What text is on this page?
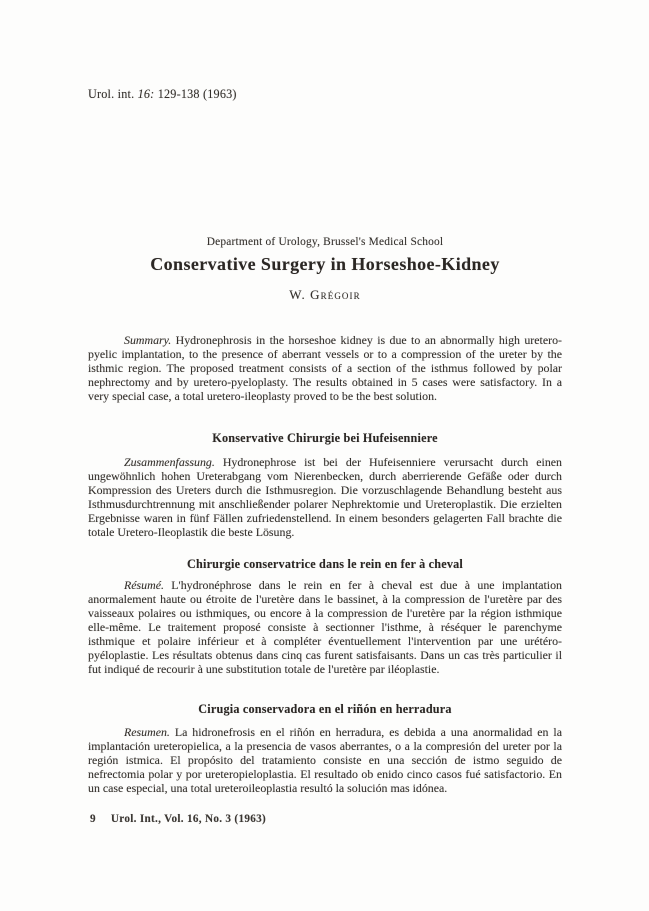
Urol. int. 16: 129-138 (1963)
Department of Urology, Brussel's Medical School
Conservative Surgery in Horseshoe-Kidney
W. Grégoir

Summary. Hydronephrosis in the horseshoe kidney is due to an abnormally high uretero-pyelic implantation, to the presence of aberrant vessels or to a compression of the ureter by the isthmic region. The proposed treatment consists of a section of the isthmus followed by polar nephrectomy and by uretero-pyeloplasty. The results obtained in 5 cases were satisfactory. In a very special case, a total uretero-ileoplasty proved to be the best solution.

Konservative Chirurgie bei Hufeisenniere

Zusammenfassung. Hydronephrose ist bei der Hufeisenniere verursacht durch einen ungewöhnlich hohen Ureterabgang vom Nierenbecken, durch aberrierende Gefäße oder durch Kompression des Ureters durch die Isthmusregion. Die vorzuschlagende Behandlung besteht aus Isthmusdurchtrennung mit anschließender polarer Nephrektomie und Ureteroplastik. Die erzielten Ergebnisse waren in fünf Fällen zufriedenstellend. In einem besonders gelagerten Fall brachte die totale Uretero-Ileoplastik die beste Lösung.

Chirurgie conservatrice dans le rein en fer à cheval

Résumé. L'hydronéphrose dans le rein en fer à cheval est due à une implantation anormalement haute ou étroite de l'uretère dans le bassinet, à la compression de l'uretère par des vaisseaux polaires ou isthmiques, ou encore à la compression de l'uretère par la région isthmique elle-même. Le traitement proposé consiste à sectionner l'isthme, à réséquer le parenchyme isthmique et polaire inférieur et à compléter éventuellement l'intervention par une urétéro-pyéloplastie. Les résultats obtenus dans cinq cas furent satisfaisants. Dans un cas très particulier il fut indiqué de recourir à une substitution totale de l'uretère par iléoplastie.

Cirugia conservadora en el riñón en herradura

Resumen. La hidronefrosis en el riñón en herradura, es debida a una anormalidad en la implantación ureteropielica, a la presencia de vasos aberrantes, o a la compresión del ureter por la región istmica. El propósito del tratamiento consiste en una sección de istmo seguido de nefrectomia polar y por ureteropieloplastia. El resultado ob enido cinco casos fué satisfactorio. En un case especial, una total ureteroileoplastia resultó la solución mas idónea.

9 Urol. Int., Vol. 16, No. 3 (1963)
